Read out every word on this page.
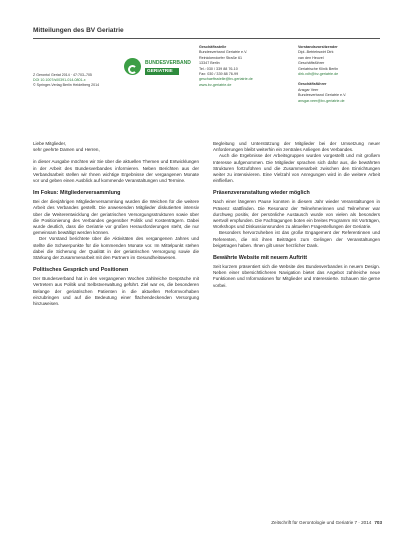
Mitteilungen des BV Geriatrie
Z Gerontol Geriat 2014 · 47:703–705
DOI 10.1007/s00391-014-0801-x
© Springer-Verlag Berlin Heidelberg 2014
BUNDESVERBAND
GERIATRIE
Geschäftsstelle
Bundesverband Geriatrie e.V.
Reinickendorfer Straße 61
13347 Berlin
Tel.: 030 / 339 88 76-10
Fax: 030 / 339 88 76-99
geschaeftsstelle@bv-geriatrie.de
www.bv-geriatrie.de
Vorstandsvorsitzender
Dipl.-Betriebswirt Dirk
van den Heuvel
Geschäftsführer
Geriatrische Klinik Berlin
dirk.vdh@bv-geriatrie.de
Geschäftsführer
Ansgar Veer
Bundesverband Geriatrie e.V.
ansgar.veer@bv-geriatrie.de

Liebe Mitglieder,

sehr geehrte Damen und Herren,

in dieser Ausgabe möchten wir Sie über die aktuellen Themen und Entwicklungen in der Arbeit des Bundesverbandes informieren. Neben Berichten aus der Verbandsarbeit stellen wir Ihnen wichtige Ergebnisse der vergangenen Monate vor und geben einen Ausblick auf kommende Veranstaltungen und Termine.

Im Fokus: Mitgliederversammlung

Bei der diesjährigen Mitgliederversammlung wurden die Weichen für die weitere Arbeit des Verbandes gestellt. Die anwesenden Mitglieder diskutierten intensiv über die Weiterentwicklung der geriatrischen Versorgungsstrukturen sowie über die Positionierung des Verbandes gegenüber Politik und Kostenträgern. Dabei wurde deutlich, dass die Geriatrie vor großen Herausforderungen steht, die nur gemeinsam bewältigt werden können.

Der Vorstand berichtete über die Aktivitäten des vergangenen Jahres und stellte die Schwerpunkte für die kommenden Monate vor. Im Mittelpunkt stehen dabei die Sicherung der Qualität in der geriatrischen Versorgung sowie die Stärkung der Zusammenarbeit mit den Partnern im Gesundheitswesen.

Politisches Gespräch und Positionen

Der Bundesverband hat in den vergangenen Wochen zahlreiche Gespräche mit Vertretern aus Politik und Selbstverwaltung geführt. Ziel war es, die besonderen Belange der geriatrischen Patienten in die aktuellen Reformvorhaben einzubringen und auf die Bedeutung einer flächendeckenden Versorgung hinzuweisen.

Begleitung und Unterstützung der Mitglieder bei der Umsetzung neuer Anforderungen bleibt weiterhin ein zentrales Anliegen des Verbandes.

Auch die Ergebnisse der Arbeitsgruppen wurden vorgestellt und mit großem Interesse aufgenommen. Die Mitglieder sprachen sich dafür aus, die bewährten Strukturen fortzuführen und die Zusammenarbeit zwischen den Einrichtungen weiter zu intensivieren. Eine Vielzahl von Anregungen wird in die weitere Arbeit einfließen.

Präsenzveranstaltung wieder möglich

Nach einer längeren Pause konnten in diesem Jahr wieder Veranstaltungen in Präsenz stattfinden. Die Resonanz der Teilnehmerinnen und Teilnehmer war durchweg positiv, der persönliche Austausch wurde von vielen als besonders wertvoll empfunden. Die Fachtagungen boten ein breites Programm mit Vorträgen, Workshops und Diskussionsrunden zu aktuellen Fragestellungen der Geriatrie.

Besonders hervorzuheben ist das große Engagement der Referentinnen und Referenten, die mit ihren Beiträgen zum Gelingen der Veranstaltungen beigetragen haben. Ihnen gilt unser herzlicher Dank.

Bewährte Website mit neuem Auftritt

Seit kurzem präsentiert sich die Website des Bundesverbandes in neuem Design. Neben einer übersichtlicheren Navigation bietet das Angebot zahlreiche neue Funktionen und Informationen für Mitglieder und Interessierte. Schauen Sie gerne vorbei.

Zeitschrift für Gerontologie und Geriatrie 7 · 2014 703
